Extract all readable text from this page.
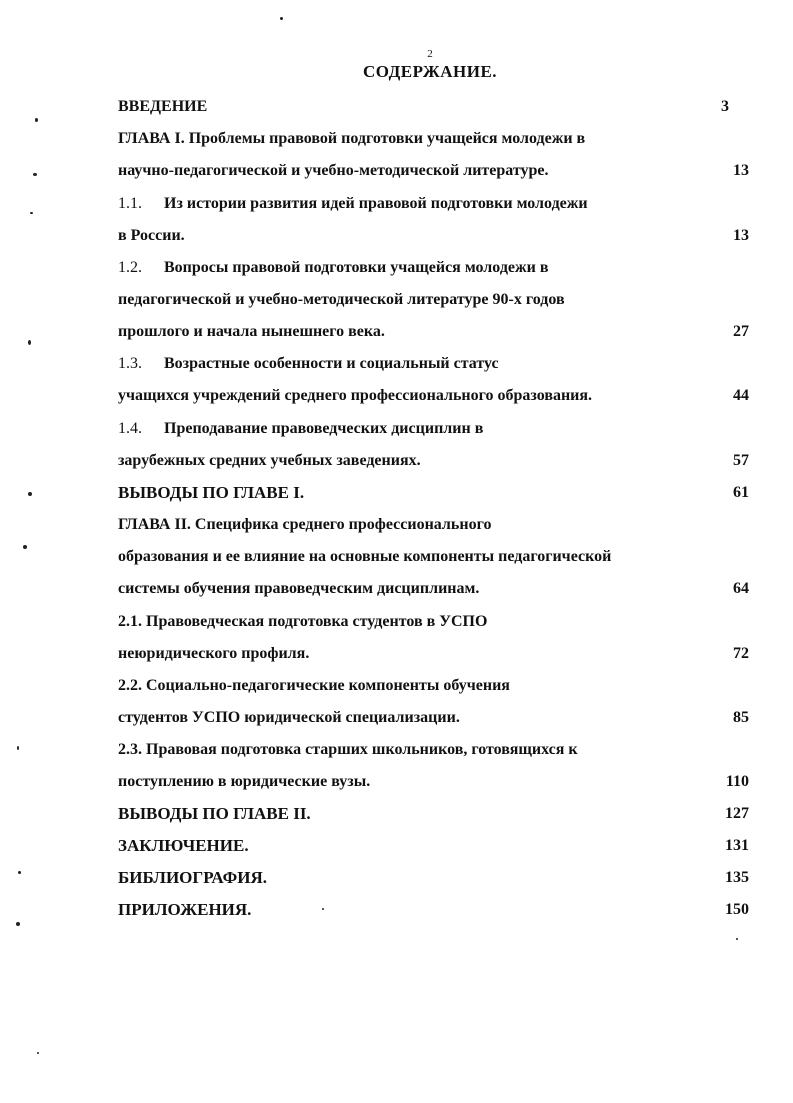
2
СОДЕРЖАНИЕ.
ВВЕДЕНИЕ	3
ГЛАВА I. Проблемы правовой подготовки учащейся молодежи в
научно-педагогической и учебно-методической литературе.	13
1.1. Из истории развития идей правовой подготовки молодежи
в России.	13
1.2. Вопросы правовой подготовки учащейся молодежи в
педагогической и учебно-методической литературе 90-х годов
прошлого и начала нынешнего века.	27
1.3. Возрастные особенности и социальный статус
учащихся учреждений среднего профессионального образования.	44
1.4. Преподавание правоведческих дисциплин в
зарубежных средних учебных заведениях.	57
ВЫВОДЫ ПО ГЛАВЕ I.	61
ГЛАВА II. Специфика среднего профессионального
образования и ее влияние на основные компоненты педагогической
системы обучения правоведческим дисциплинам.	64
2.1. Правоведческая подготовка студентов в УСПО
неюридического профиля.	72
2.2. Социально-педагогические компоненты обучения
студентов УСПО юридической специализации.	85
2.3. Правовая подготовка старших школьников, готовящихся к
поступлению в юридические вузы.	110
ВЫВОДЫ ПО ГЛАВЕ II.	127
ЗАКЛЮЧЕНИЕ.	131
БИБЛИОГРАФИЯ.	135
ПРИЛОЖЕНИЯ.	150
